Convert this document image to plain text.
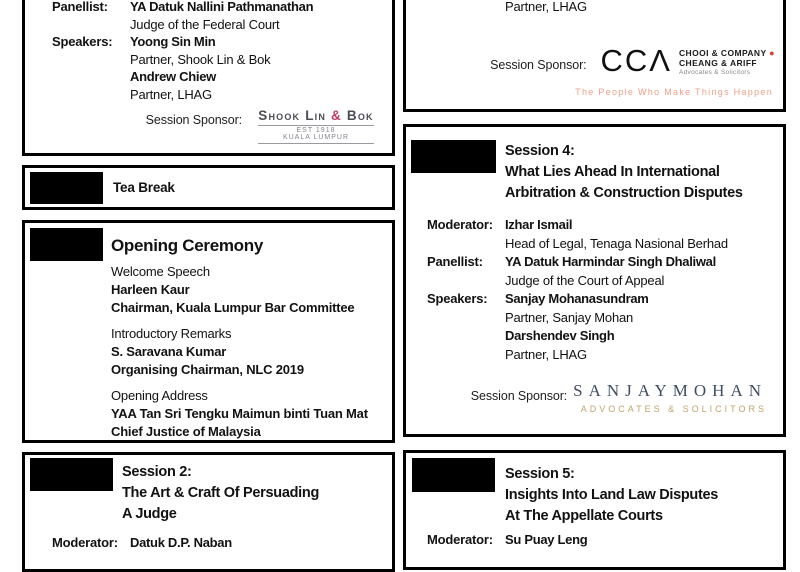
Panellist:	YA Datuk Nallini Pathmanathan
Judge of the Federal Court
Speakers:	Yoong Sin Min
Partner, Shook Lin & Bok
Andrew Chiew
Partner, LHAG
Session Sponsor:	Shook Lin & Bok
EST 1918
KUALA LUMPUR
Tea Break
Opening Ceremony
Welcome Speech
Harleen Kaur
Chairman, Kuala Lumpur Bar Committee
Introductory Remarks
S. Saravana Kumar
Organising Chairman, NLC 2019
Opening Address
YAA Tan Sri Tengku Maimun binti Tuan Mat
Chief Justice of Malaysia
Session 2:
The Art & Craft Of Persuading
A Judge
Moderator: Datuk D.P. Naban
Partner, LHAG
Session Sponsor: CCΛ CHOOI & COMPANY ●
CHEANG & ARIFF
Advocates & Solicitors
The People Who Make Things Happen
Session 4:
What Lies Ahead In International
Arbitration & Construction Disputes
Moderator: Izhar Ismail
Head of Legal, Tenaga Nasional Berhad
Panellist:	YA Datuk Harmindar Singh Dhaliwal
Judge of the Court of Appeal
Speakers:	Sanjay Mohanasundram
Partner, Sanjay Mohan
Darshendev Singh
Partner, LHAG
Session Sponsor: SANJAYMOHAN
ADVOCATES & SOLICITORS
Session 5:
Insights Into Land Law Disputes
At The Appellate Courts
Moderator: Su Puay Leng
